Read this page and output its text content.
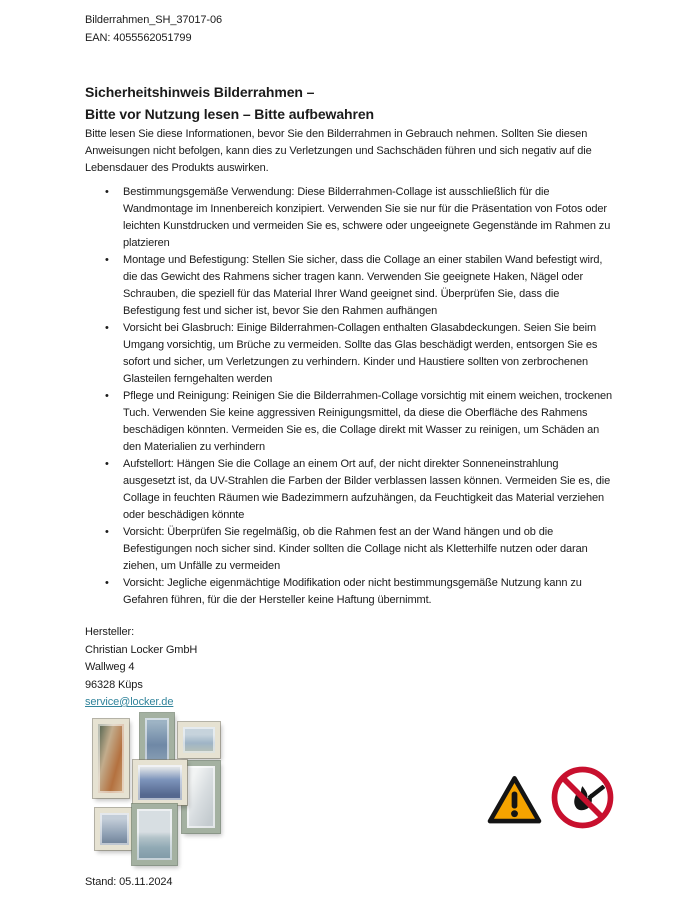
Bilderrahmen_SH_37017-06
EAN: 4055562051799
Sicherheitshinweis Bilderrahmen –
Bitte vor Nutzung lesen – Bitte aufbewahren
Bitte lesen Sie diese Informationen, bevor Sie den Bilderrahmen in Gebrauch nehmen. Sollten Sie diesen Anweisungen nicht befolgen, kann dies zu Verletzungen und Sachschäden führen und sich negativ auf die Lebensdauer des Produkts auswirken.
• Bestimmungsgemäße Verwendung: Diese Bilderrahmen-Collage ist ausschließlich für die Wandmontage im Innenbereich konzipiert. Verwenden Sie sie nur für die Präsentation von Fotos oder leichten Kunstdrucken und vermeiden Sie es, schwere oder ungeeignete Gegenstände im Rahmen zu platzieren
• Montage und Befestigung: Stellen Sie sicher, dass die Collage an einer stabilen Wand befestigt wird, die das Gewicht des Rahmens sicher tragen kann. Verwenden Sie geeignete Haken, Nägel oder Schrauben, die speziell für das Material Ihrer Wand geeignet sind. Überprüfen Sie, dass die Befestigung fest und sicher ist, bevor Sie den Rahmen aufhängen
• Vorsicht bei Glasbruch: Einige Bilderrahmen-Collagen enthalten Glasabdeckungen. Seien Sie beim Umgang vorsichtig, um Brüche zu vermeiden. Sollte das Glas beschädigt werden, entsorgen Sie es sofort und sicher, um Verletzungen zu verhindern. Kinder und Haustiere sollten von zerbrochenen Glasteilen ferngehalten werden
• Pflege und Reinigung: Reinigen Sie die Bilderrahmen-Collage vorsichtig mit einem weichen, trockenen Tuch. Verwenden Sie keine aggressiven Reinigungsmittel, da diese die Oberfläche des Rahmens beschädigen könnten. Vermeiden Sie es, die Collage direkt mit Wasser zu reinigen, um Schäden an den Materialien zu verhindern
• Aufstellort: Hängen Sie die Collage an einem Ort auf, der nicht direkter Sonneneinstrahlung ausgesetzt ist, da UV-Strahlen die Farben der Bilder verblassen lassen können. Vermeiden Sie es, die Collage in feuchten Räumen wie Badezimmern aufzuhängen, da Feuchtigkeit das Material verziehen oder beschädigen könnte
• Vorsicht: Überprüfen Sie regelmäßig, ob die Rahmen fest an der Wand hängen und ob die Befestigungen noch sicher sind. Kinder sollten die Collage nicht als Kletterhilfe nutzen oder daran ziehen, um Unfälle zu vermeiden
• Vorsicht: Jegliche eigenmächtige Modifikation oder nicht bestimmungsgemäße Nutzung kann zu Gefahren führen, für die der Hersteller keine Haftung übernimmt.
Hersteller:
Christian Locker GmbH
Wallweg 4
96328 Küps
service@locker.de
Stand: 05.11.2024
